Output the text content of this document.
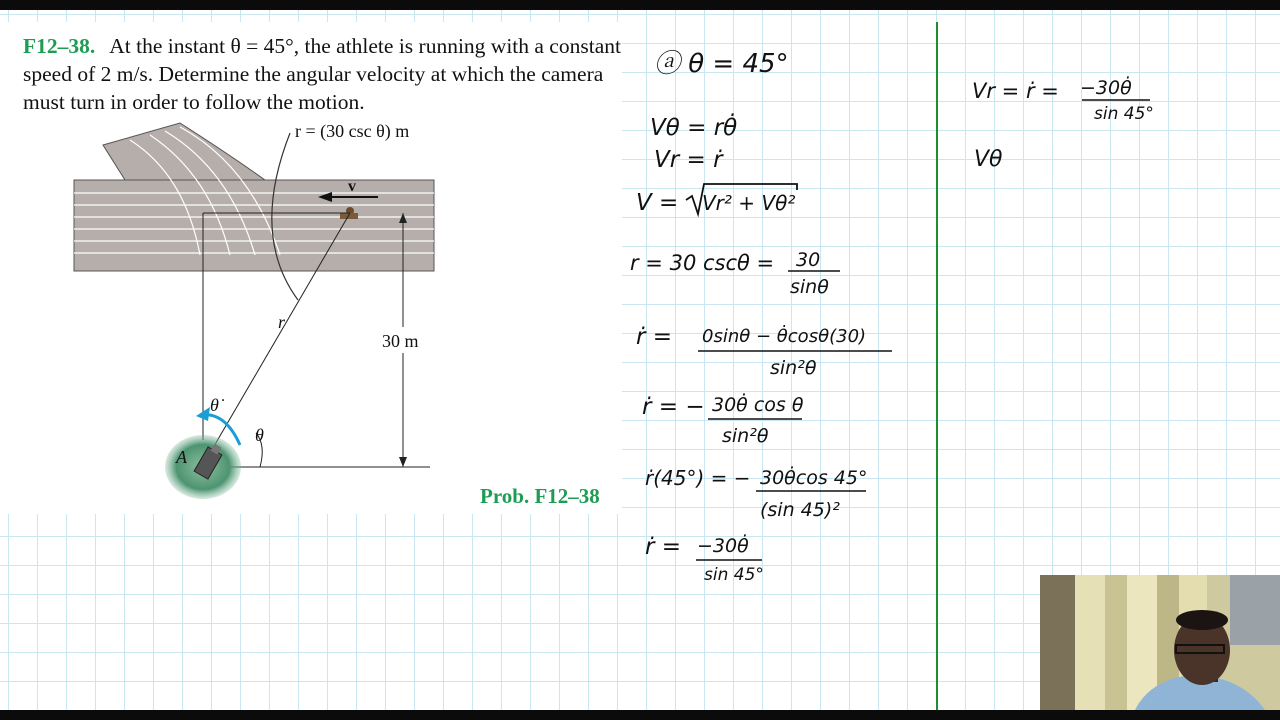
F12–38. At the instant θ = 45°, the athlete is running with a constant speed of 2 m/s. Determine the angular velocity at which the camera must turn in order to follow the motion.
r = (30 csc θ) m
v
30 m
r
θ
θ̇
A
Prob. F12–38
ⓐ θ = 45°
Vθ = rθ̇
Vr = ṙ
V = Vr² + Vθ²
r = 30 cscθ = 30
sinθ
ṙ = 0sinθ − θ̇cosθ(30)
sin²θ
ṙ = − 30θ̇ cos θ
sin²θ
ṙ(45°) = − 30θ̇cos 45°
(sin 45)²
ṙ = −30θ̇
sin 45°
Vr = ṙ = −30θ̇
sin 45°
Vθ
